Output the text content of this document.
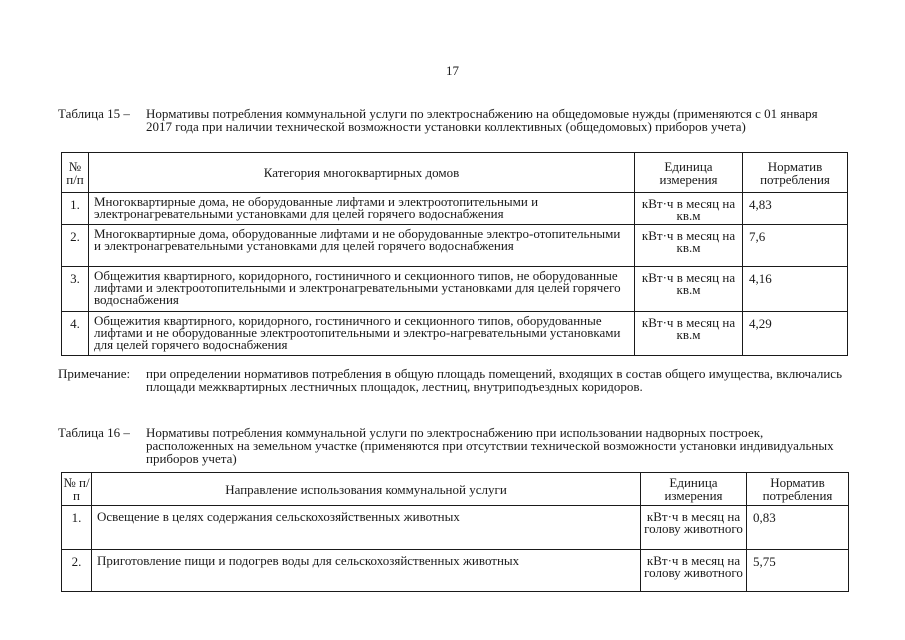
17
Таблица 15 – Нормативы потребления коммунальной услуги по электроснабжению на общедомовые нужды (применяются с 01 января 2017 года при наличии технической возможности установки коллективных (общедомовых) приборов учета)
№ п/п	Категория многоквартирных домов	Единица измерения	Норматив потребления
1.	Многоквартирные дома, не оборудованные лифтами и электроотопительными и электронагревательными установками для целей горячего водоснабжения	кВт·ч в месяц на кв.м	4,83
2.	Многоквартирные дома, оборудованные лифтами и не оборудованные электро-отопительными и электронагревательными установками для целей горячего водоснабжения	кВт·ч в месяц на кв.м	7,6
3.	Общежития квартирного, коридорного, гостиничного и секционного типов, не оборудованные лифтами и электроотопительными и электронагревательными установками для целей горячего водоснабжения	кВт·ч в месяц на кв.м	4,16
4.	Общежития квартирного, коридорного, гостиничного и секционного типов, оборудованные лифтами и не оборудованные электроотопительными и электро-нагревательными установками для целей горячего водоснабжения	кВт·ч в месяц на кв.м	4,29
Примечание: при определении нормативов потребления в общую площадь помещений, входящих в состав общего имущества, включались площади межквартирных лестничных площадок, лестниц, внутриподъездных коридоров.
Таблица 16 – Нормативы потребления коммунальной услуги по электроснабжению при использовании надворных построек, расположенных на земельном участке (применяются при отсутствии технической возможности установки индивидуальных приборов учета)
№ п/п	Направление использования коммунальной услуги	Единица измерения	Норматив потребления
1.	Освещение в целях содержания сельскохозяйственных животных	кВт·ч в месяц на голову животного	0,83
2.	Приготовление пищи и подогрев воды для сельскохозяйственных животных	кВт·ч в месяц на голову животного	5,75
